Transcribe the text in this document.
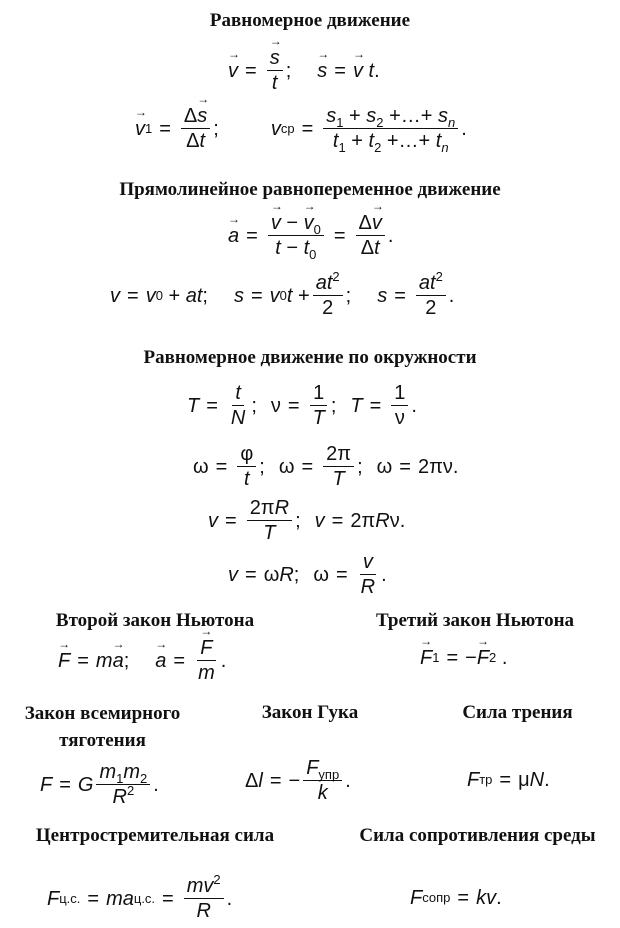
Равномерное движение
→ v = → $\frac{s}{t}$ ; → s = → v
t .
→ v $1 = \frac{\Delta\to s}{\Delta t}$ ;	v ср = $\frac{s_1 + s_2 +\dots+ s_n}{t_1 + t_2 +\dots+ t_n}$ .
Прямолинейное равнопеременное движение
→ a = → $\frac{v - \to v_0}{t - t_0} = \frac{\Delta\to v}{\Delta t}$ .
v = v 0 + at ; s = v 0 $t + \frac{at^2}{2}$ ; $s = \frac{at^2}{2}$ .
Равномерное движение по окружности
$T = \frac{t}{N}$ ;
$\nu = \frac{1}{T}$ ; $T = \frac{1}{\nu}$ .
$\omega = \frac{\varphi}{t}$ ;
$\omega = \frac{2\pi}{T}$ ;
ω = 2πν.
$v = \frac{2\pi R}{T}$ ; v = 2π R ν.
v = ω R ;
$\omega = \frac{v}{R}$ .
Второй закон Ньютона	Третий закон Ньютона
→ F = m→ a ; → a = → $\frac{F}{m}$ .	→ F 1 = − → F 2 .
Закон всемирного тяготения
Закон Гука	Сила трения
F = G $\frac{m_1m_2}{R^2}$ .	Δ l = − $\frac{F_{упр}}{k}$ .	F тр = μ N .
Центростремительная сила	Сила сопротивления среды
F ц.с. = ma ц.с. = $\frac{mv^2}{R}$ .	F сопр = kv .
